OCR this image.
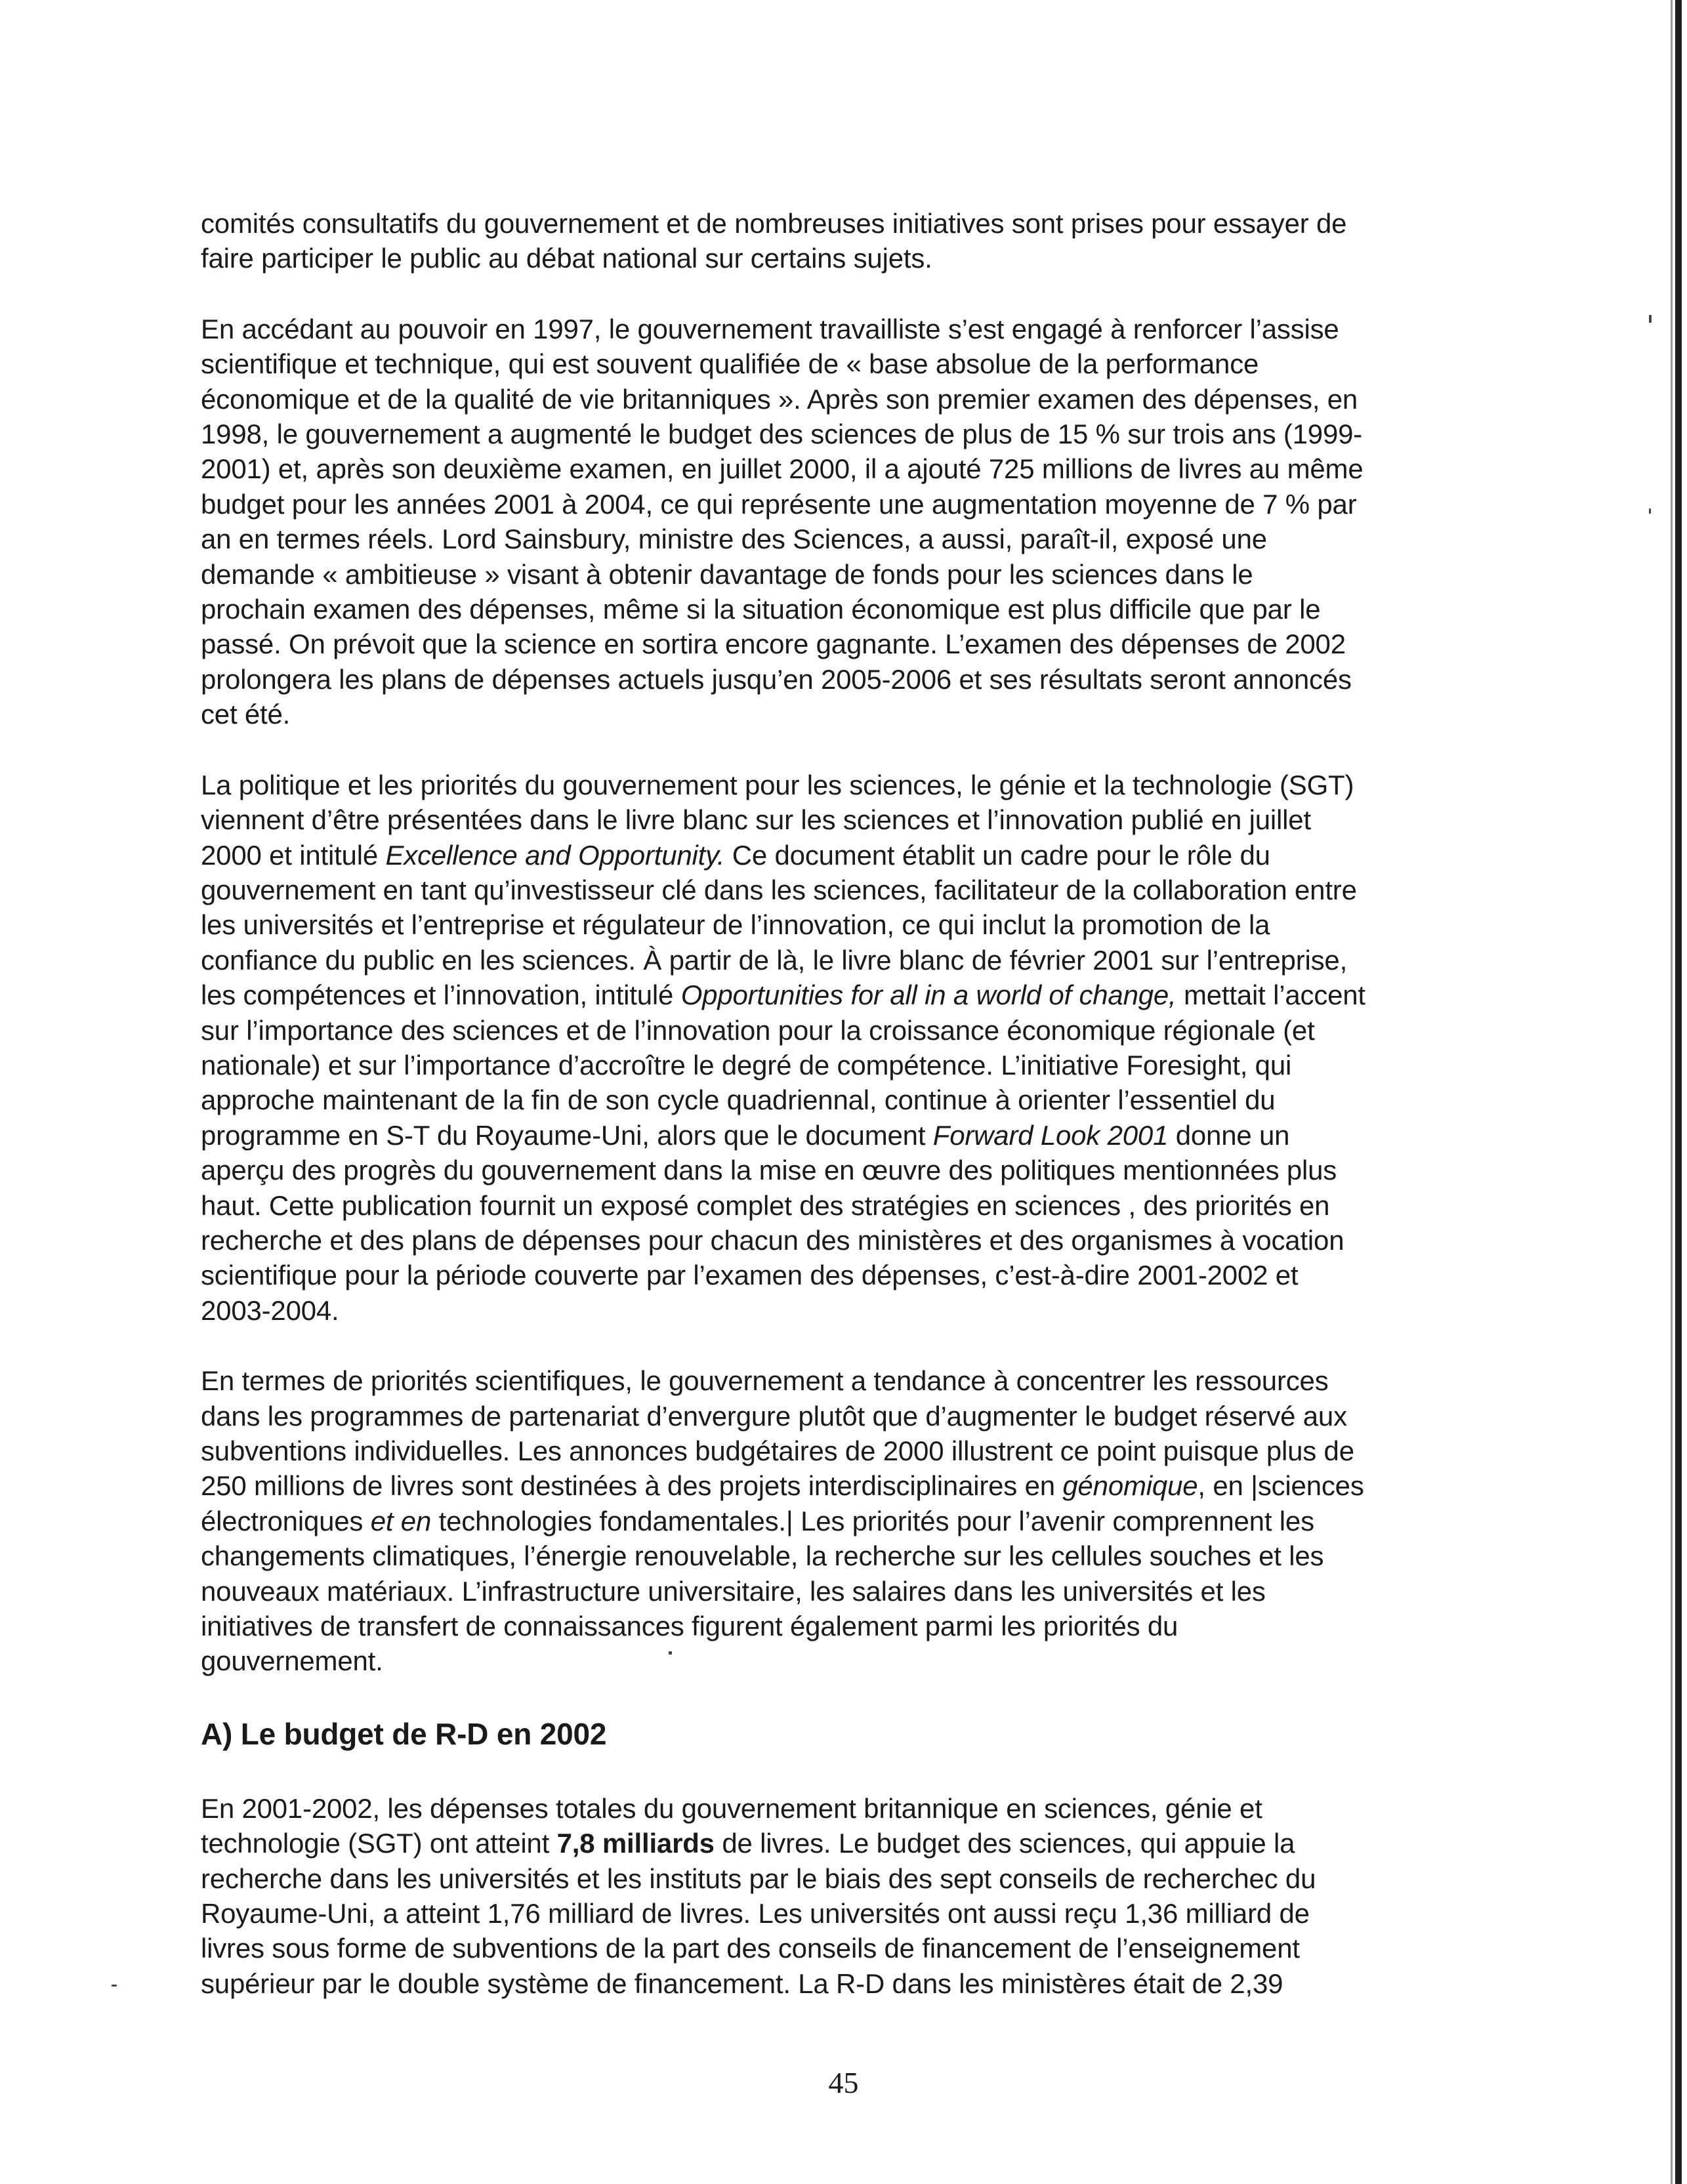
comités consultatifs du gouvernement et de nombreuses initiatives sont prises pour essayer de
faire participer le public au débat national sur certains sujets.
En accédant au pouvoir en 1997, le gouvernement travailliste s’est engagé à renforcer l’assise
scientifique et technique, qui est souvent qualifiée de « base absolue de la performance
économique et de la qualité de vie britanniques ». Après son premier examen des dépenses, en
1998, le gouvernement a augmenté le budget des sciences de plus de 15 % sur trois ans (1999-
2001) et, après son deuxième examen, en juillet 2000, il a ajouté 725 millions de livres au même
budget pour les années 2001 à 2004, ce qui représente une augmentation moyenne de 7 % par
an en termes réels. Lord Sainsbury, ministre des Sciences, a aussi, paraît-il, exposé une
demande « ambitieuse » visant à obtenir davantage de fonds pour les sciences dans le
prochain examen des dépenses, même si la situation économique est plus difficile que par le
passé. On prévoit que la science en sortira encore gagnante. L’examen des dépenses de 2002
prolongera les plans de dépenses actuels jusqu’en 2005-2006 et ses résultats seront annoncés
cet été.
La politique et les priorités du gouvernement pour les sciences, le génie et la technologie (SGT)
viennent d’être présentées dans le livre blanc sur les sciences et l’innovation publié en juillet
2000 et intitulé Excellence and Opportunity. Ce document établit un cadre pour le rôle du
gouvernement en tant qu’investisseur clé dans les sciences, facilitateur de la collaboration entre
les universités et l’entreprise et régulateur de l’innovation, ce qui inclut la promotion de la
confiance du public en les sciences. À partir de là, le livre blanc de février 2001 sur l’entreprise,
les compétences et l’innovation, intitulé Opportunities for all in a world of change, mettait l’accent
sur l’importance des sciences et de l’innovation pour la croissance économique régionale (et
nationale) et sur l’importance d’accroître le degré de compétence. L’initiative Foresight, qui
approche maintenant de la fin de son cycle quadriennal, continue à orienter l’essentiel du
programme en S-T du Royaume-Uni, alors que le document Forward Look 2001 donne un
aperçu des progrès du gouvernement dans la mise en œuvre des politiques mentionnées plus
haut. Cette publication fournit un exposé complet des stratégies en sciences , des priorités en
recherche et des plans de dépenses pour chacun des ministères et des organismes à vocation
scientifique pour la période couverte par l’examen des dépenses, c’est-à-dire 2001-2002 et
2003-2004.
En termes de priorités scientifiques, le gouvernement a tendance à concentrer les ressources
dans les programmes de partenariat d’envergure plutôt que d’augmenter le budget réservé aux
subventions individuelles. Les annonces budgétaires de 2000 illustrent ce point puisque plus de
250 millions de livres sont destinées à des projets interdisciplinaires en génomique, en |sciences
électroniques et en technologies fondamentales.| Les priorités pour l’avenir comprennent les
changements climatiques, l’énergie renouvelable, la recherche sur les cellules souches et les
nouveaux matériaux. L’infrastructure universitaire, les salaires dans les universités et les
initiatives de transfert de connaissances figurent également parmi les priorités du
gouvernement.
A) Le budget de R-D en 2002
En 2001-2002, les dépenses totales du gouvernement britannique en sciences, génie et
technologie (SGT) ont atteint 7,8 milliards de livres. Le budget des sciences, qui appuie la
recherche dans les universités et les instituts par le biais des sept conseils de recherchec du
Royaume-Uni, a atteint 1,76 milliard de livres. Les universités ont aussi reçu 1,36 milliard de
livres sous forme de subventions de la part des conseils de financement de l’enseignement
supérieur par le double système de financement. La R-D dans les ministères était de 2,39
45
